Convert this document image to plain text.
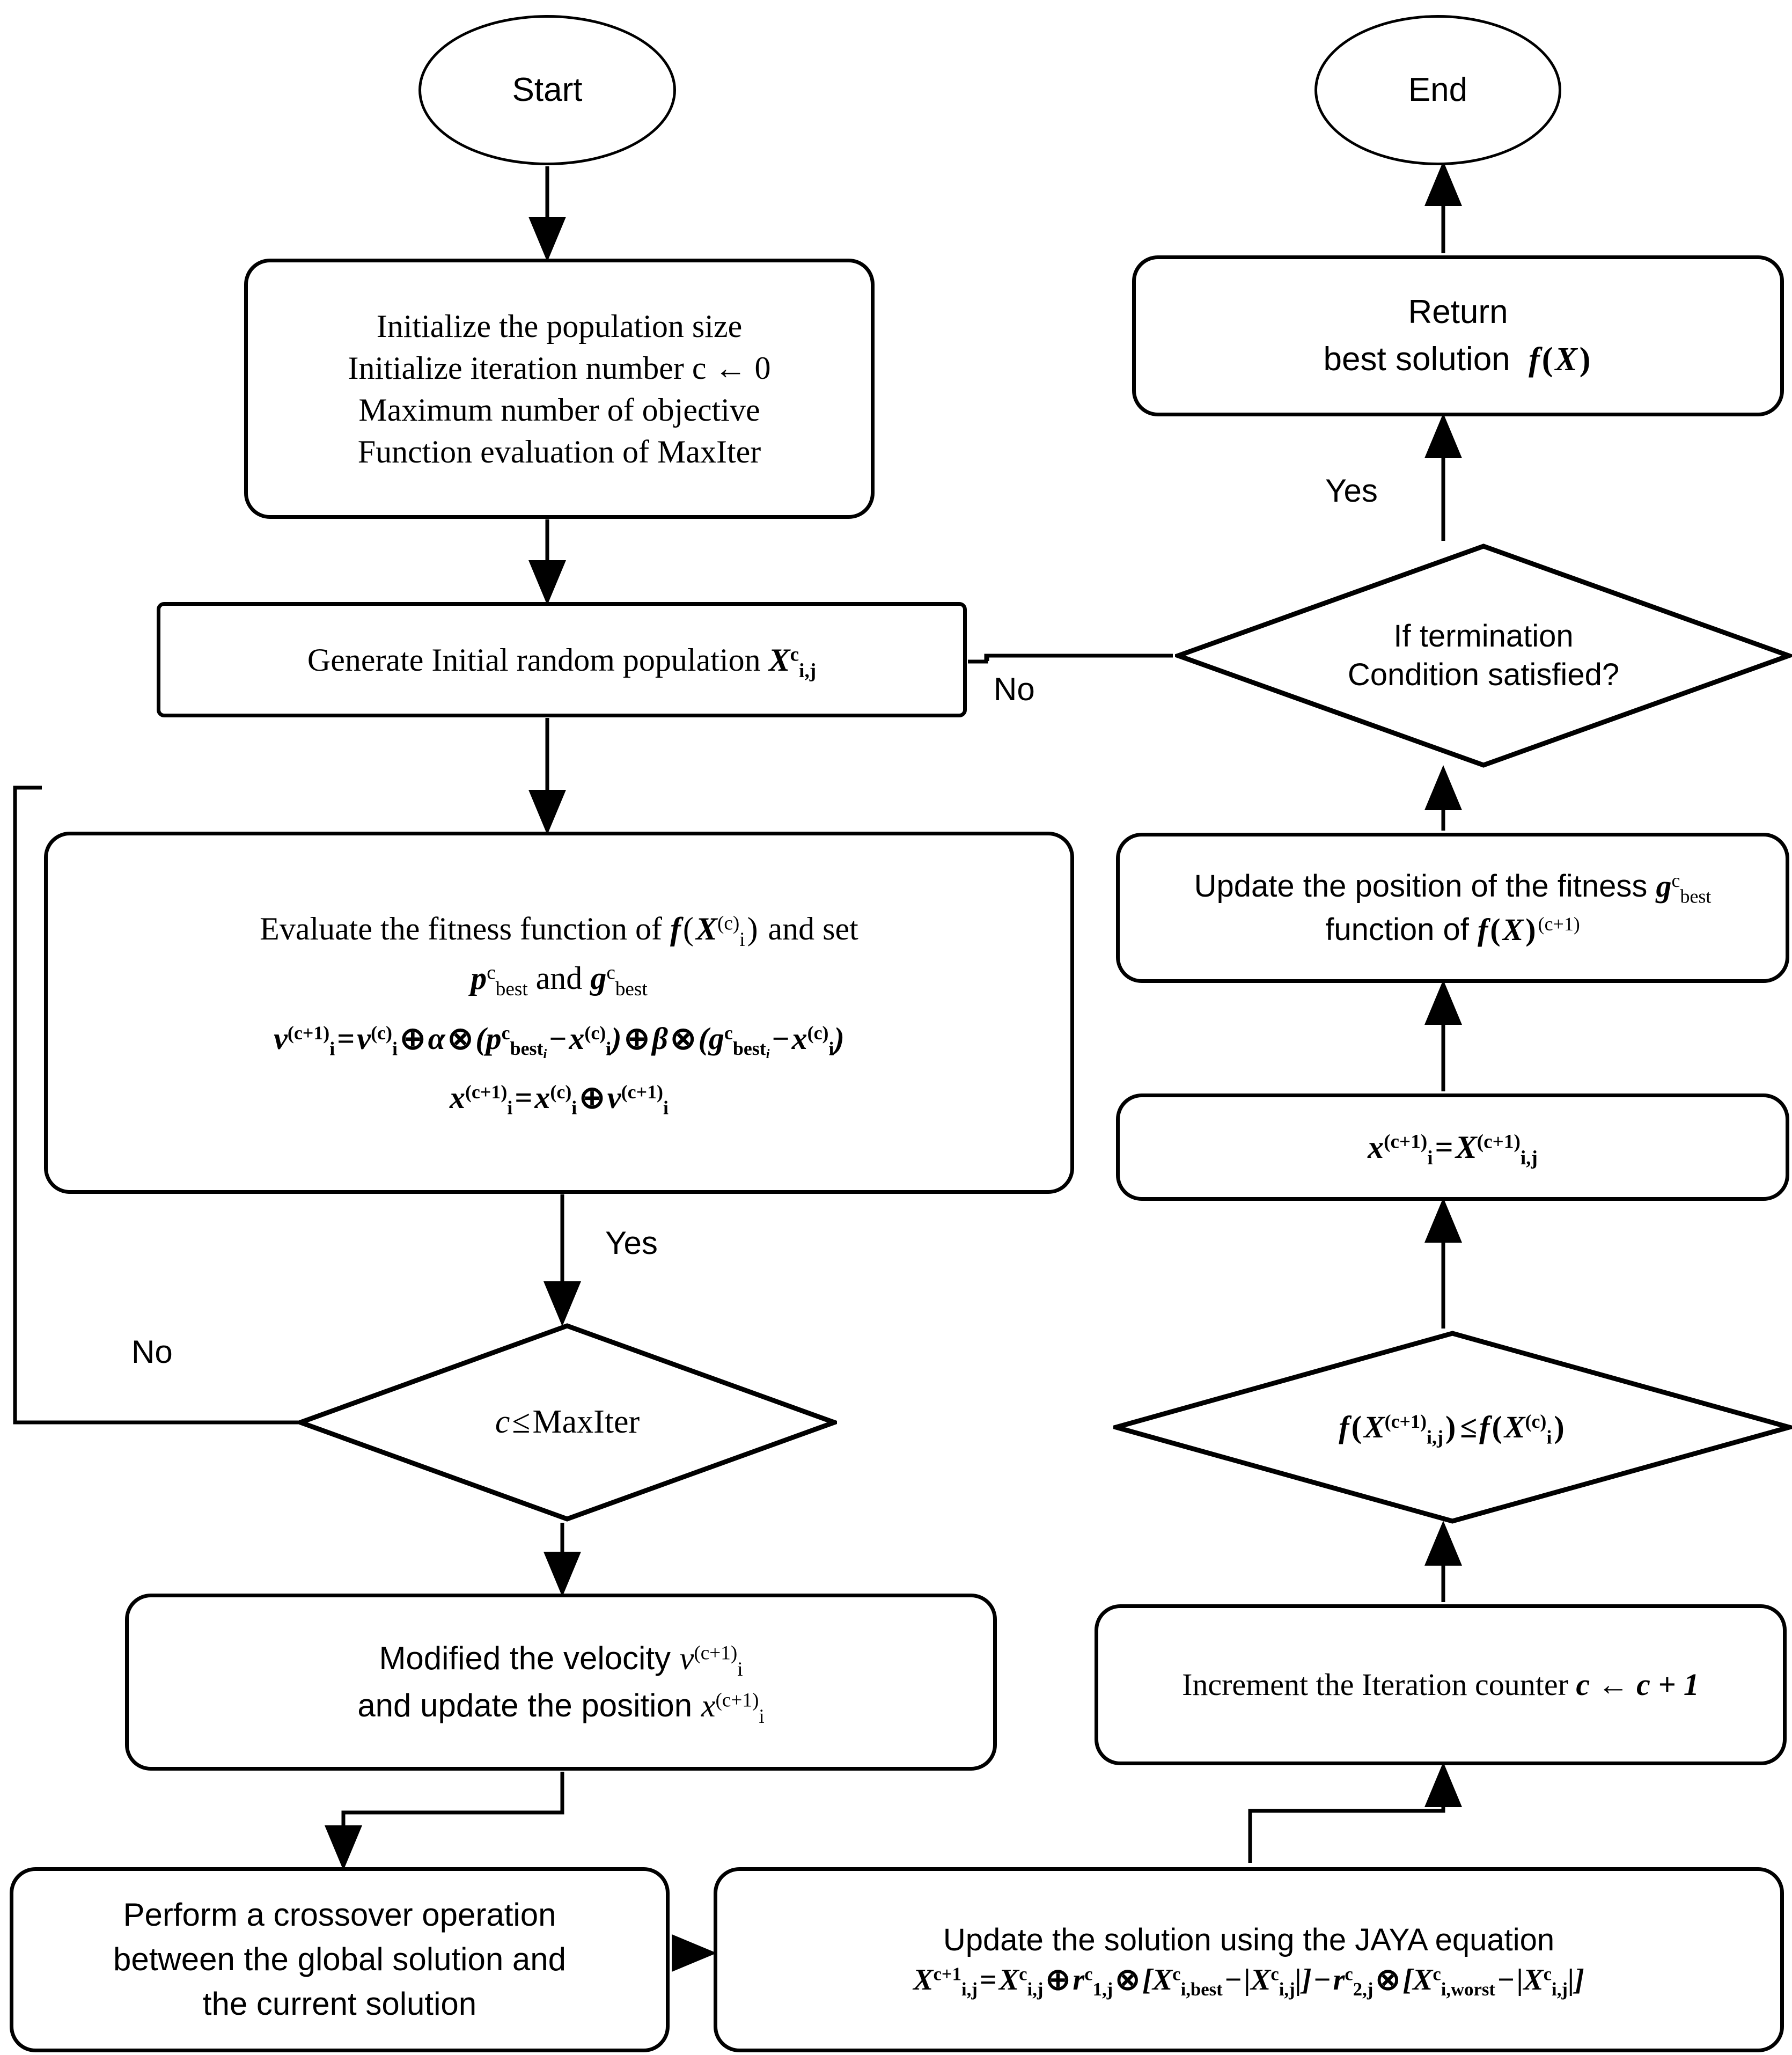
Start	End
Initialize the population size
Initialize iteration number c ← 0
Maximum number of objective
Function evaluation of MaxIter
Generate Initial random population $X^c_{i,j}$
Evaluate the fitness function of $f(X^{(c)}_i)$ and set
$p^c_{best}$ and $g^c_{best}$
$v^{(c+1)}_i=v^{(c)}_i\oplus\alpha\otimes(p^c_{besti}-x^{(c)}_i)\oplus\beta\otimes(g^c_{besti}-x^{(c)}_i)$
$x^{(c+1)}_i=x^{(c)}_i\oplus v^{(c+1)}_i$
Modified the velocity $v^{(c+1)}_i$
and update the position $x^{(c+1)}_i$
Perform a crossover operation
between the global solution and
the current solution
Update the solution using the JAYA equation
$X^{c+1}_{i,j}=X^c_{i,j}\oplus r^c_{1,j}\otimes[X^c_{i,best}-|X^c_{i,j}|]-r^c_{2,j}\otimes[X^c_{i,worst}-|X^c_{i,j}|]$
Return
best solution  f(X)
Update the position of the fitness $g^c_{best}$
function of f(X) $^{(c+1)}$
$x^{(c+1)}_i=X^{(c+1)}_{i,j}$
Increment the Iteration counter c ← c + 1
If termination
Condition satisfied?
c≤MaxIter	$f(X^{(c+1)}_{i,j}) \le f(X^{(c)}_i)$
No
Yes
Yes
No
